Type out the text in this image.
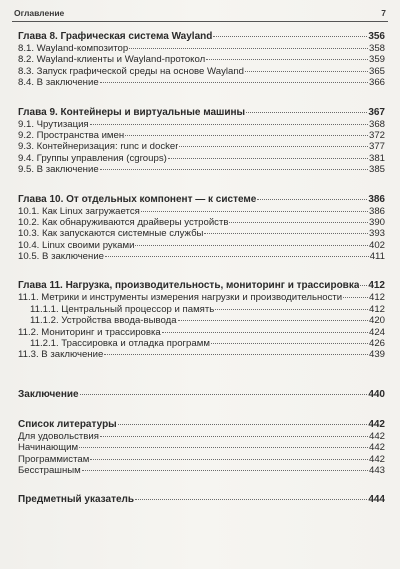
Оглавление	7
Глава 8. Графическая система Wayland	356
8.1. Wayland-композитор	358
8.2. Wayland-клиенты и Wayland-протокол	359
8.3. Запуск графической среды на основе Wayland	365
8.4. В заключение	366
Глава 9. Контейнеры и виртуальные машины	367
9.1. Чрутизация	368
9.2. Пространства имен	372
9.3. Контейнеризация: runc и docker	377
9.4. Группы управления (cgroups)	381
9.5. В заключение	385
Глава 10. От отдельных компонент — к системе	386
10.1. Как Linux загружается	386
10.2. Как обнаруживаются драйверы устройств	390
10.3. Как запускаются системные службы	393
10.4. Linux своими руками	402
10.5. В заключение	411
Глава 11. Нагрузка, производительность, мониторинг и трассировка 412
11.1. Метрики и инструменты измерения нагрузки и производительности	412
11.1.1. Центральный процессор и память	412
11.1.2. Устройства ввода-вывода	420
11.2. Мониторинг и трассировка	424
11.2.1. Трассировка и отладка программ	426
11.3. В заключение	439
Заключение	440
Список литературы	442
Для удовольствия	442
Начинающим	442
Программистам	442
Бесстрашным	443
Предметный указатель	444
